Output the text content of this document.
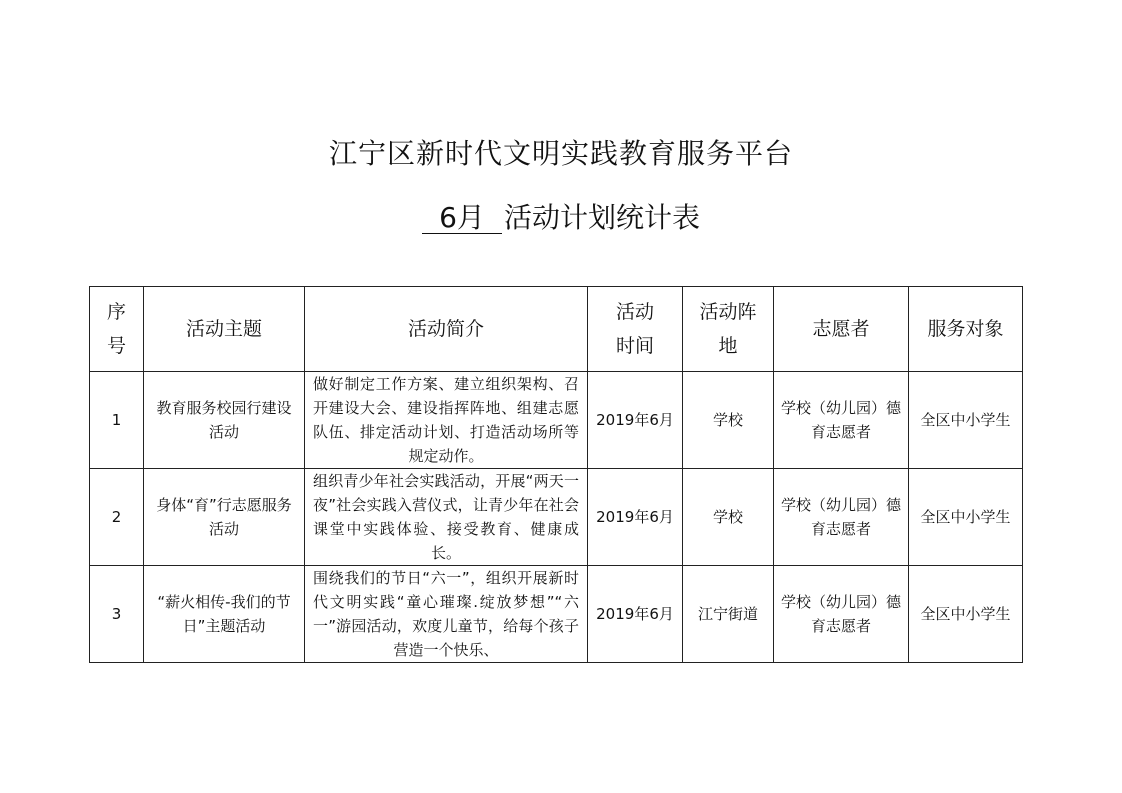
江宁区新时代文明实践教育服务平台
6月 活动计划统计表
序号	活动主题	活动简介	活动时间	活动阵地	志愿者	服务对象
1	教育服务校园行建设活动	做好制定工作方案、建立组织架构、召开建设大会、建设指挥阵地、组建志愿队伍、排定活动计划、打造活动场所等规定动作。	2019年6月	学校	学校（幼儿园）德育志愿者	全区中小学生
2	身体“育”行志愿服务活动	组织青少年社会实践活动，开展“两天一夜”社会实践入营仪式，让青少年在社会课堂中实践体验、接受教育、健康成长。	2019年6月	学校	学校（幼儿园）德育志愿者	全区中小学生
3	“薪火相传-我们的节日”主题活动	围绕我们的节日“六一”，组织开展新时代文明实践“童心璀璨.绽放梦想”“六一”游园活动，欢度儿童节，给每个孩子营造一个快乐、	2019年6月	江宁街道	学校（幼儿园）德育志愿者	全区中小学生
